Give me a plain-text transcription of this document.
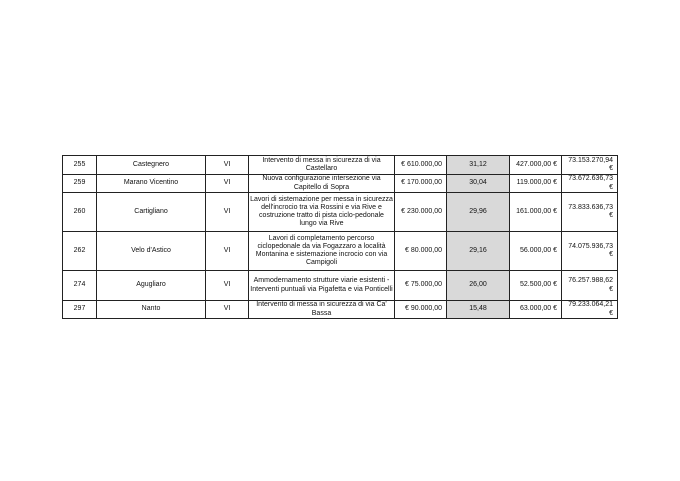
255	Castegnero	VI	Intervento di messa in sicurezza di via Castellaro	€ 610.000,00	31,12	427.000,00 €	73.153.270,94 €
259	Marano Vicentino	VI	Nuova configurazione intersezione via Capitello di Sopra	€ 170.000,00	30,04	119.000,00 €	73.672.636,73 €
260	Cartigliano	VI	Lavori di sistemazione per messa in sicurezza dell'incrocio tra via Rossini e via Rive e costruzione tratto di pista ciclo-pedonale lungo via Rive	€ 230.000,00	29,96	161.000,00 €	73.833.636,73 €
262	Velo d'Astico	VI	Lavori di completamento percorso ciclopedonale da via Fogazzaro a località Montanina e sistemazione incrocio con via Campigoli	€ 80.000,00	29,16	56.000,00 €	74.075.936,73 €
274	Agugliaro	VI	Ammodernamento strutture viarie esistenti - Interventi puntuali via Pigafetta e via Ponticelli	€ 75.000,00	26,00	52.500,00 €	76.257.988,62 €
297	Nanto	VI	Intervento di messa in sicurezza di via Ca' Bassa	€ 90.000,00	15,48	63.000,00 €	79.233.064,21 €
